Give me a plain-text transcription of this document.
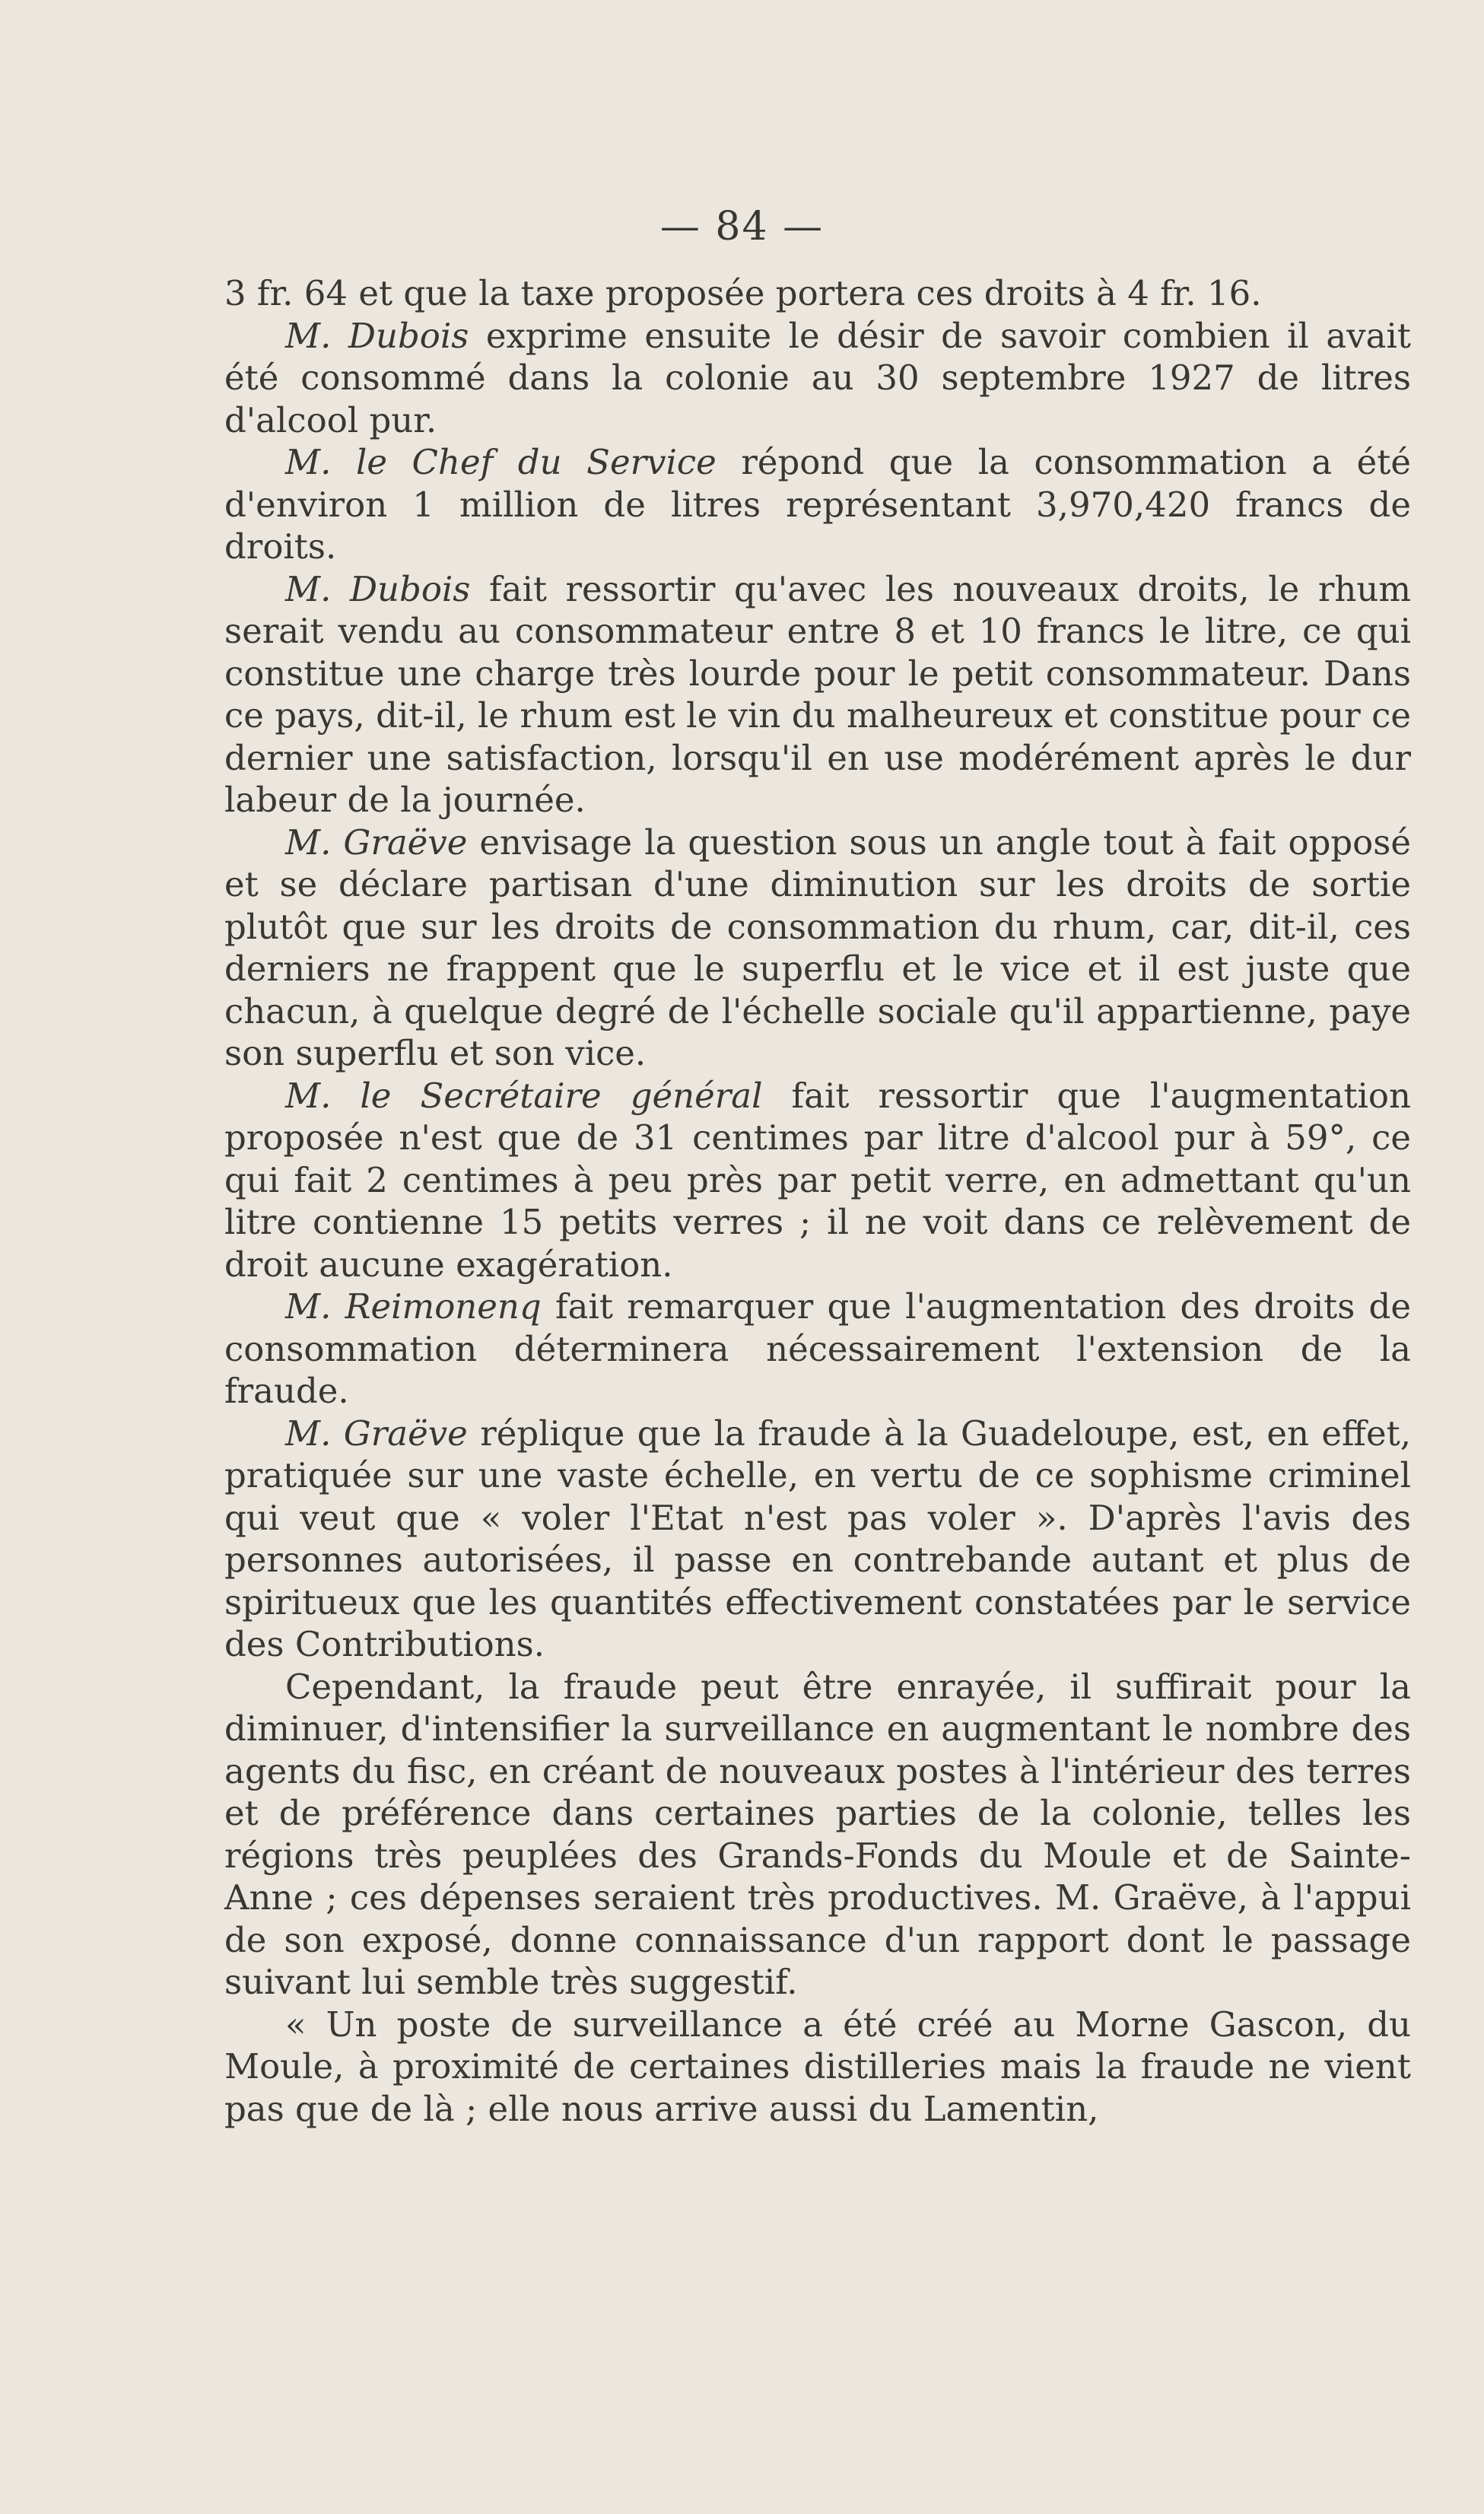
— 84 —

3 fr. 64 et que la taxe proposée portera ces droits à 4 fr. 16.

M. Dubois exprime ensuite le désir de savoir combien il avait été consommé dans la colonie au 30 septembre 1927 de litres d'alcool pur.

M. le Chef du Service répond que la consommation a été d'environ 1 million de litres représentant 3,970,420 francs de droits.

M. Dubois fait ressortir qu'avec les nouveaux droits, le rhum serait vendu au consommateur entre 8 et 10 francs le litre, ce qui constitue une charge très lourde pour le petit consommateur. Dans ce pays, dit-il, le rhum est le vin du malheureux et constitue pour ce dernier une satisfaction, lorsqu'il en use modérément après le dur labeur de la journée.

M. Graëve envisage la question sous un angle tout à fait opposé et se déclare partisan d'une diminution sur les droits de sortie plutôt que sur les droits de consommation du rhum, car, dit-il, ces derniers ne frappent que le superflu et le vice et il est juste que chacun, à quelque degré de l'échelle sociale qu'il appartienne, paye son superflu et son vice.

M. le Secrétaire général fait ressortir que l'augmentation proposée n'est que de 31 centimes par litre d'alcool pur à 59°, ce qui fait 2 centimes à peu près par petit verre, en admettant qu'un litre contienne 15 petits verres ; il ne voit dans ce relèvement de droit aucune exagération.

M. Reimonenq fait remarquer que l'augmentation des droits de consommation déterminera nécessairement l'extension de la fraude.

M. Graëve réplique que la fraude à la Guadeloupe, est, en effet, pratiquée sur une vaste échelle, en vertu de ce sophisme criminel qui veut que « voler l'Etat n'est pas voler ». D'après l'avis des personnes autorisées, il passe en contrebande autant et plus de spiritueux que les quantités effectivement constatées par le service des Contributions.

Cependant, la fraude peut être enrayée, il suffirait pour la diminuer, d'intensifier la surveillance en augmentant le nombre des agents du fisc, en créant de nouveaux postes à l'intérieur des terres et de préférence dans certaines parties de la colonie, telles les régions très peuplées des Grands-Fonds du Moule et de Sainte-Anne ; ces dépenses seraient très productives. M. Graëve, à l'appui de son exposé, donne connaissance d'un rapport dont le passage suivant lui semble très suggestif.

« Un poste de surveillance a été créé au Morne Gascon, du Moule, à proximité de certaines distilleries mais la fraude ne vient pas que de là ; elle nous arrive aussi du Lamentin,
